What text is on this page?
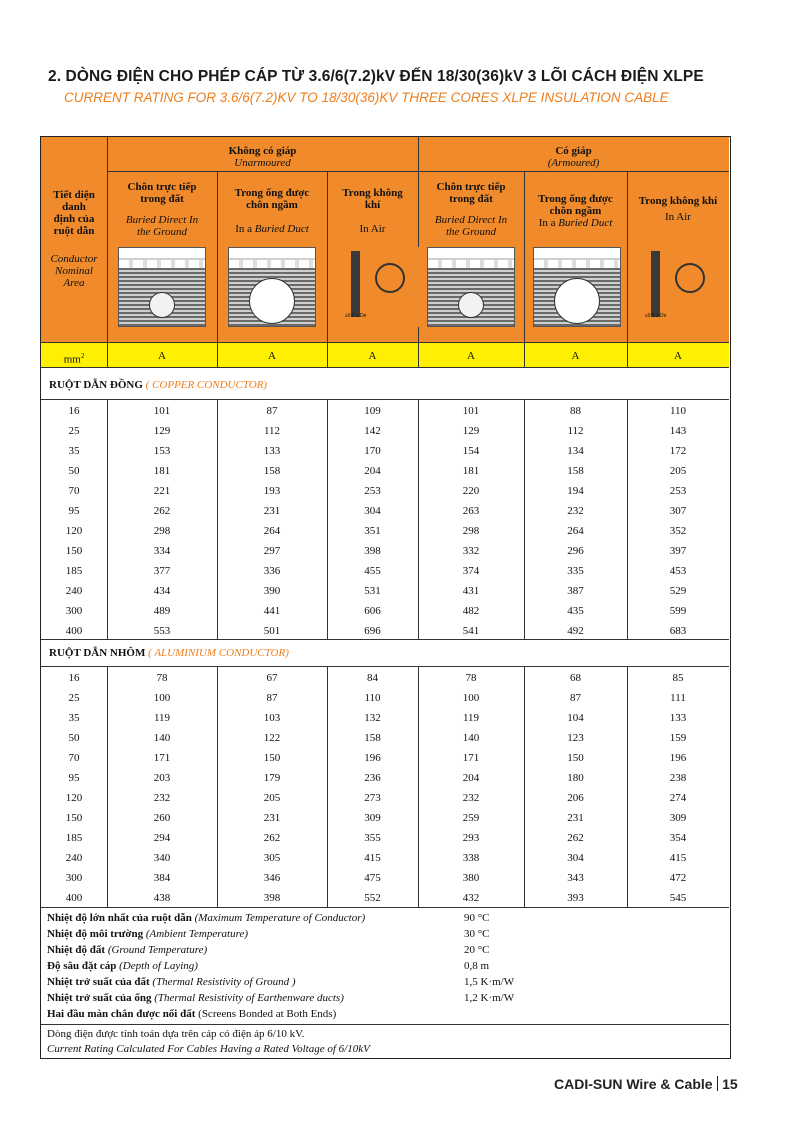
2. DÒNG ĐIỆN CHO PHÉP CÁP TỪ 3.6/6(7.2)kV ĐẾN 18/30(36)kV 3 LÕI CÁCH ĐIỆN XLPE
CURRENT RATING FOR 3.6/6(7.2)KV TO 18/30(36)KV THREE CORES XLPE INSULATION CABLE
Tiết diện
danh
định của
ruột dẫn
Conductor
Nominal
Area
Không có giáp
Unarmoured
Có giáp
(Armoured)
Chôn trực tiếp
trong đất
Buried Direct In
the Ground
Trong ống được
chôn ngầm
In a Buried Duct
Trong không
khí
In Air
Chôn trực tiếp
trong đất
Buried Direct In
the Ground
Trong ống được
chôn ngầm
In a Buried Duct
Trong không khí
In Air
≥0.5 x De	≥0.5 x De
$mm^2$	A	A	A	A	A	A
RUỘT DẪN ĐỒNG ( COPPER CONDUCTOR)
16	101	87	109	101	88	110
25	129	112	142	129	112	143
35	153	133	170	154	134	172
50	181	158	204	181	158	205
70	221	193	253	220	194	253
95	262	231	304	263	232	307
120	298	264	351	298	264	352
150	334	297	398	332	296	397
185	377	336	455	374	335	453
240	434	390	531	431	387	529
300	489	441	606	482	435	599
400	553	501	696	541	492	683
RUỘT DẪN NHÔM ( ALUMINIUM CONDUCTOR)
16	78	67	84	78	68	85
25	100	87	110	100	87	111
35	119	103	132	119	104	133
50	140	122	158	140	123	159
70	171	150	196	171	150	196
95	203	179	236	204	180	238
120	232	205	273	232	206	274
150	260	231	309	259	231	309
185	294	262	355	293	262	354
240	340	305	415	338	304	415
300	384	346	475	380	343	472
400	438	398	552	432	393	545
Nhiệt độ lớn nhất của ruột dẫn (Maximum Temperature of Conductor)	90 °C
Nhiệt độ môi trường (Ambient Temperature)	30 °C
Nhiệt độ đất (Ground Temperature)	20 °C
Độ sâu đặt cáp (Depth of Laying)	0,8 m
Nhiệt trở suất của đất (Thermal Resistivity of Ground )	1,5 K·m/W
Nhiệt trở suất của ống (Thermal Resistivity of Earthenware ducts)	1,2 K·m/W
Hai đầu màn chắn được nối đất (Screens Bonded at Both Ends)
Dòng điện được tính toán dựa trên cáp có điện áp 6/10 kV.
Current Rating Calculated For Cables Having a Rated Voltage of 6/10kV
CADI-SUN Wire & Cable 15
